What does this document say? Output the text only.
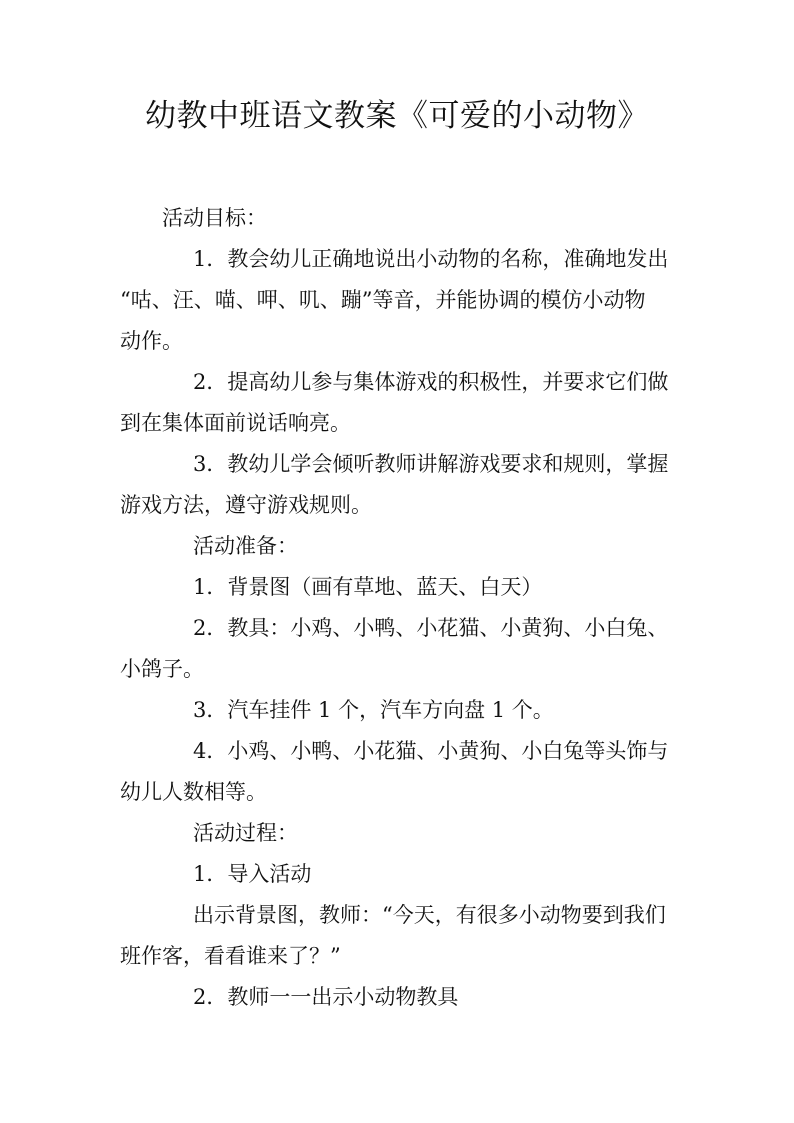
幼教中班语文教案《可爱的小动物》
活动目标：
1．教会幼儿正确地说出小动物的名称，准确地发出
“咕、汪、喵、呷、叽、蹦”等音，并能协调的模仿小动物
动作。
2．提高幼儿参与集体游戏的积极性，并要求它们做
到在集体面前说话响亮。
3．教幼儿学会倾听教师讲解游戏要求和规则，掌握
游戏方法，遵守游戏规则。
活动准备：
1．背景图（画有草地、蓝天、白天）
2．教具：小鸡、小鸭、小花猫、小黄狗、小白兔、
小鸽子。
3．汽车挂件 1 个，汽车方向盘 1 个。
4．小鸡、小鸭、小花猫、小黄狗、小白兔等头饰与
幼儿人数相等。
活动过程：
1．导入活动
出示背景图，教师：“今天，有很多小动物要到我们
班作客，看看谁来了？”
2．教师一一出示小动物教具
